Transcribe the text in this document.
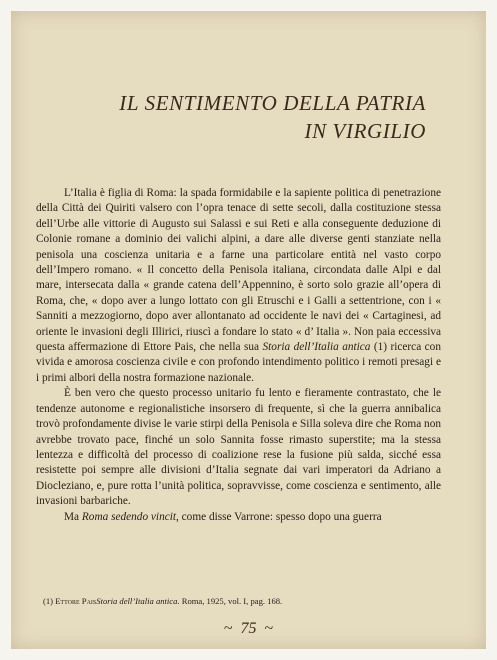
IL SENTIMENTO DELLA PATRIA
IN VIRGILIO

L’Italia è figlia di Roma: la spada formidabile e la sapiente politica di penetrazione della Città dei Quiriti valsero con l’opra tenace di sette secoli, dalla costituzione stessa dell’Urbe alle vittorie di Augusto sui Salassi e sui Reti e alla conseguente deduzione di Colonie romane a dominio dei valichi alpini, a dare alle diverse genti stanziate nella penisola una coscienza unitaria e a farne una particolare entità nel vasto corpo dell’Impero romano. « Il concetto della Penisola italiana, circondata dalle Alpi e dal mare, intersecata dalla « grande catena dell’Appennino, è sorto solo grazie all’opera di Roma, che, « dopo aver a lungo lottato con gli Etruschi e i Galli a settentrione, con i « Sanniti a mezzogiorno, dopo aver allontanato ad occidente le navi dei « Cartaginesi, ad oriente le invasioni degli Illirici, riuscì a fondare lo stato « d’ Italia ». Non paia eccessiva questa affermazione di Ettore Pais, che nella sua Storia dell’Italia antica (1) ricerca con vivida e amorosa coscienza civile e con profondo intendimento politico i remoti presagi e i primi albori della nostra formazione nazionale.

È ben vero che questo processo unitario fu lento e fieramente contrastato, che le tendenze autonome e regionalistiche insorsero di frequente, sì che la guerra annibalica trovò profondamente divise le varie stirpi della Penisola e Silla soleva dire che Roma non avrebbe trovato pace, finché un solo Sannita fosse rimasto superstite; ma la stessa lentezza e difficoltà del processo di coalizione rese la fusione più salda, sicché essa resistette poi sempre alle divisioni d’Italia segnate dai vari imperatori da Adriano a Diocleziano, e, pure rotta l’unità politica, sopravvisse, come coscienza e sentimento, alle invasioni barbariche.

Ma Roma sedendo vincit, come disse Varrone: spesso dopo una guerra

(1) Ettore PaisStoria dell’Italia antica. Roma, 1925, vol. I, pag. 168.
~ 75 ~
